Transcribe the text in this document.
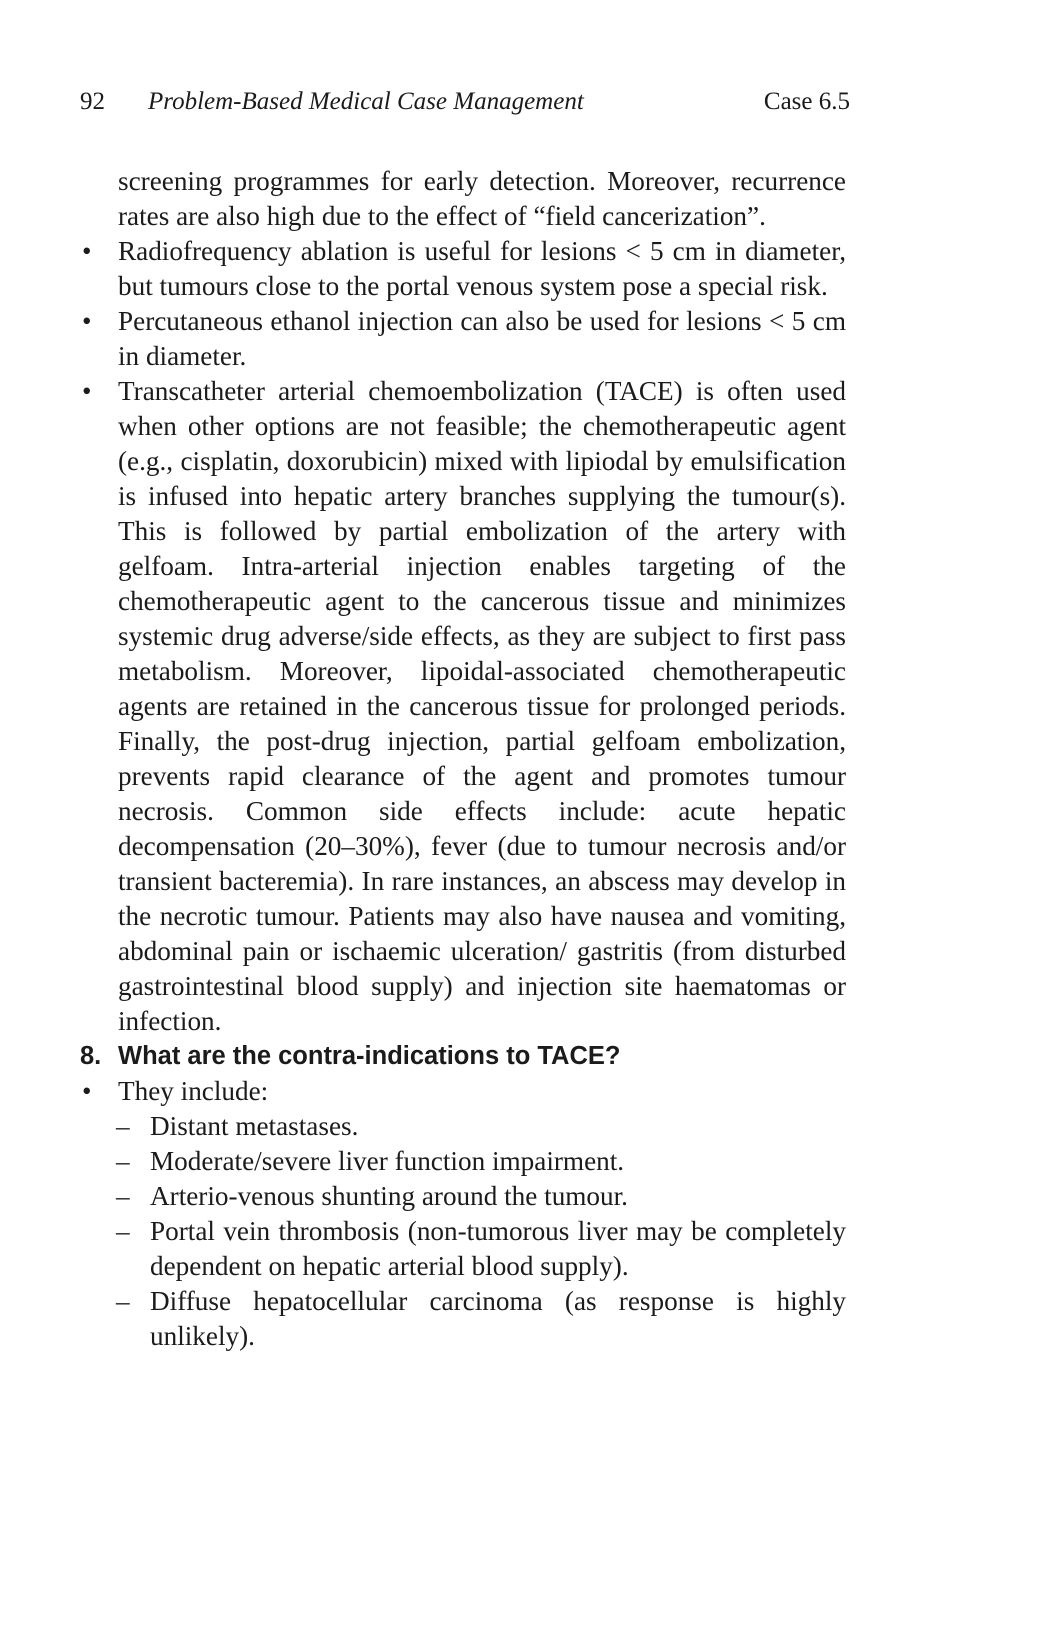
92 Problem-Based Medical Case Management	Case 6.5

screening programmes for early detection. Moreover, recurrence rates are also high due to the effect of “field cancerization”.

• Radiofrequency ablation is useful for lesions < 5 cm in diameter, but tumours close to the portal venous system pose a special risk.

• Percutaneous ethanol injection can also be used for lesions < 5 cm in diameter.

• Transcatheter arterial chemoembolization (TACE) is often used when other options are not feasible; the chemotherapeutic agent (e.g., cisplatin, doxorubicin) mixed with lipiodal by emulsification is infused into hepatic artery branches supplying the tumour(s). This is followed by partial embolization of the artery with gelfoam. Intra-arterial injection enables targeting of the chemotherapeutic agent to the cancerous tissue and minimizes systemic drug adverse/side effects, as they are subject to first pass metabolism. Moreover, lipoidal-associated chemotherapeutic agents are retained in the cancerous tissue for prolonged periods. Finally, the post-drug injection, partial gelfoam embolization, prevents rapid clearance of the agent and promotes tumour necrosis. Common side effects include: acute hepatic decompensation (20–30%), fever (due to tumour necrosis and/or transient bacteremia). In rare instances, an abscess may develop in the necrotic tumour. Patients may also have nausea and vomiting, abdominal pain or ischaemic ulceration/ gastritis (from disturbed gastrointestinal blood supply) and injection site haematomas or infection.

8. What are the contra-indications to TACE?

• They include:

– Distant metastases.
– Moderate/severe liver function impairment.
– Arterio-venous shunting around the tumour.
– Portal vein thrombosis (non-tumorous liver may be completely dependent on hepatic arterial blood supply).
– Diffuse hepatocellular carcinoma (as response is highly unlikely).
